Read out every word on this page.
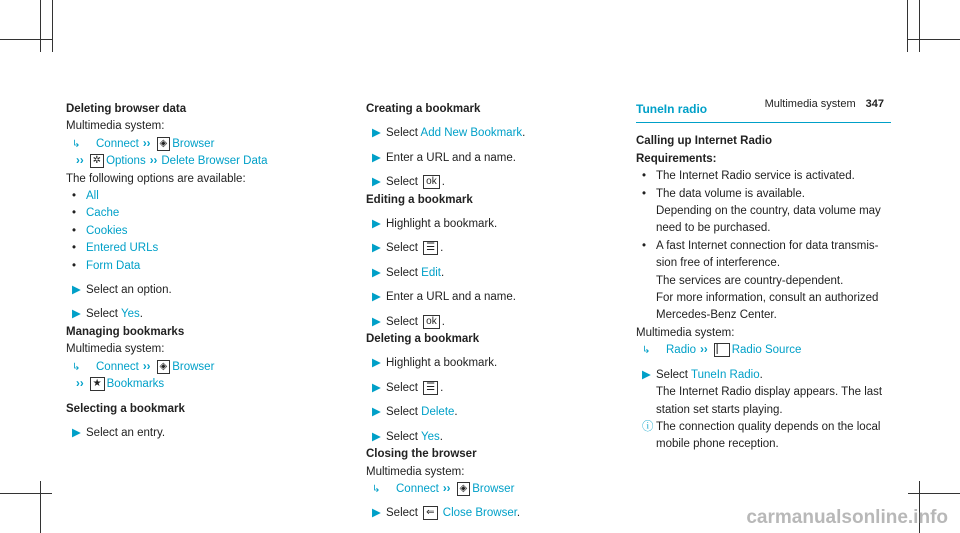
Multimedia system 347
Deleting browser data
Multimedia system:
↳ Connect ›› ◈ Browser
›› ✲ Options ›› Delete Browser Data
The following options are available:
• All
• Cache
• Cookies
• Entered URLs
• Form Data
▶ Select an option.
▶ Select Yes.
Managing bookmarks
Multimedia system:
↳ Connect ›› ◈ Browser
›› ★ Bookmarks
Selecting a bookmark
▶ Select an entry.
Creating a bookmark
▶ Select Add New Bookmark.
▶ Enter a URL and a name.
▶ Select ok .
Editing a bookmark
▶ Highlight a bookmark.
▶ Select ☰ .
▶ Select Edit.
▶ Enter a URL and a name.
▶ Select ok .
Deleting a bookmark
▶ Highlight a bookmark.
▶ Select ☰ .
▶ Select Delete.
▶ Select Yes.
Closing the browser
Multimedia system:
↳ Connect ›› ◈ Browser
▶ Select ⇐ Close Browser.
TuneIn radio
Calling up Internet Radio
Requirements:
• The Internet Radio service is activated.
• The data volume is available.
Depending on the country, data volume may
need to be purchased.
• A fast Internet connection for data transmis-
sion free of interference.
The services are country-dependent.
For more information, consult an authorized
Mercedes-Benz Center.
Multimedia system:
↳ Radio ›› ⎸ Radio Source
▶ Select TuneIn Radio.
The Internet Radio display appears. The last
station set starts playing.
ⓘ The connection quality depends on the local
mobile phone reception.
carmanualsonline.info
